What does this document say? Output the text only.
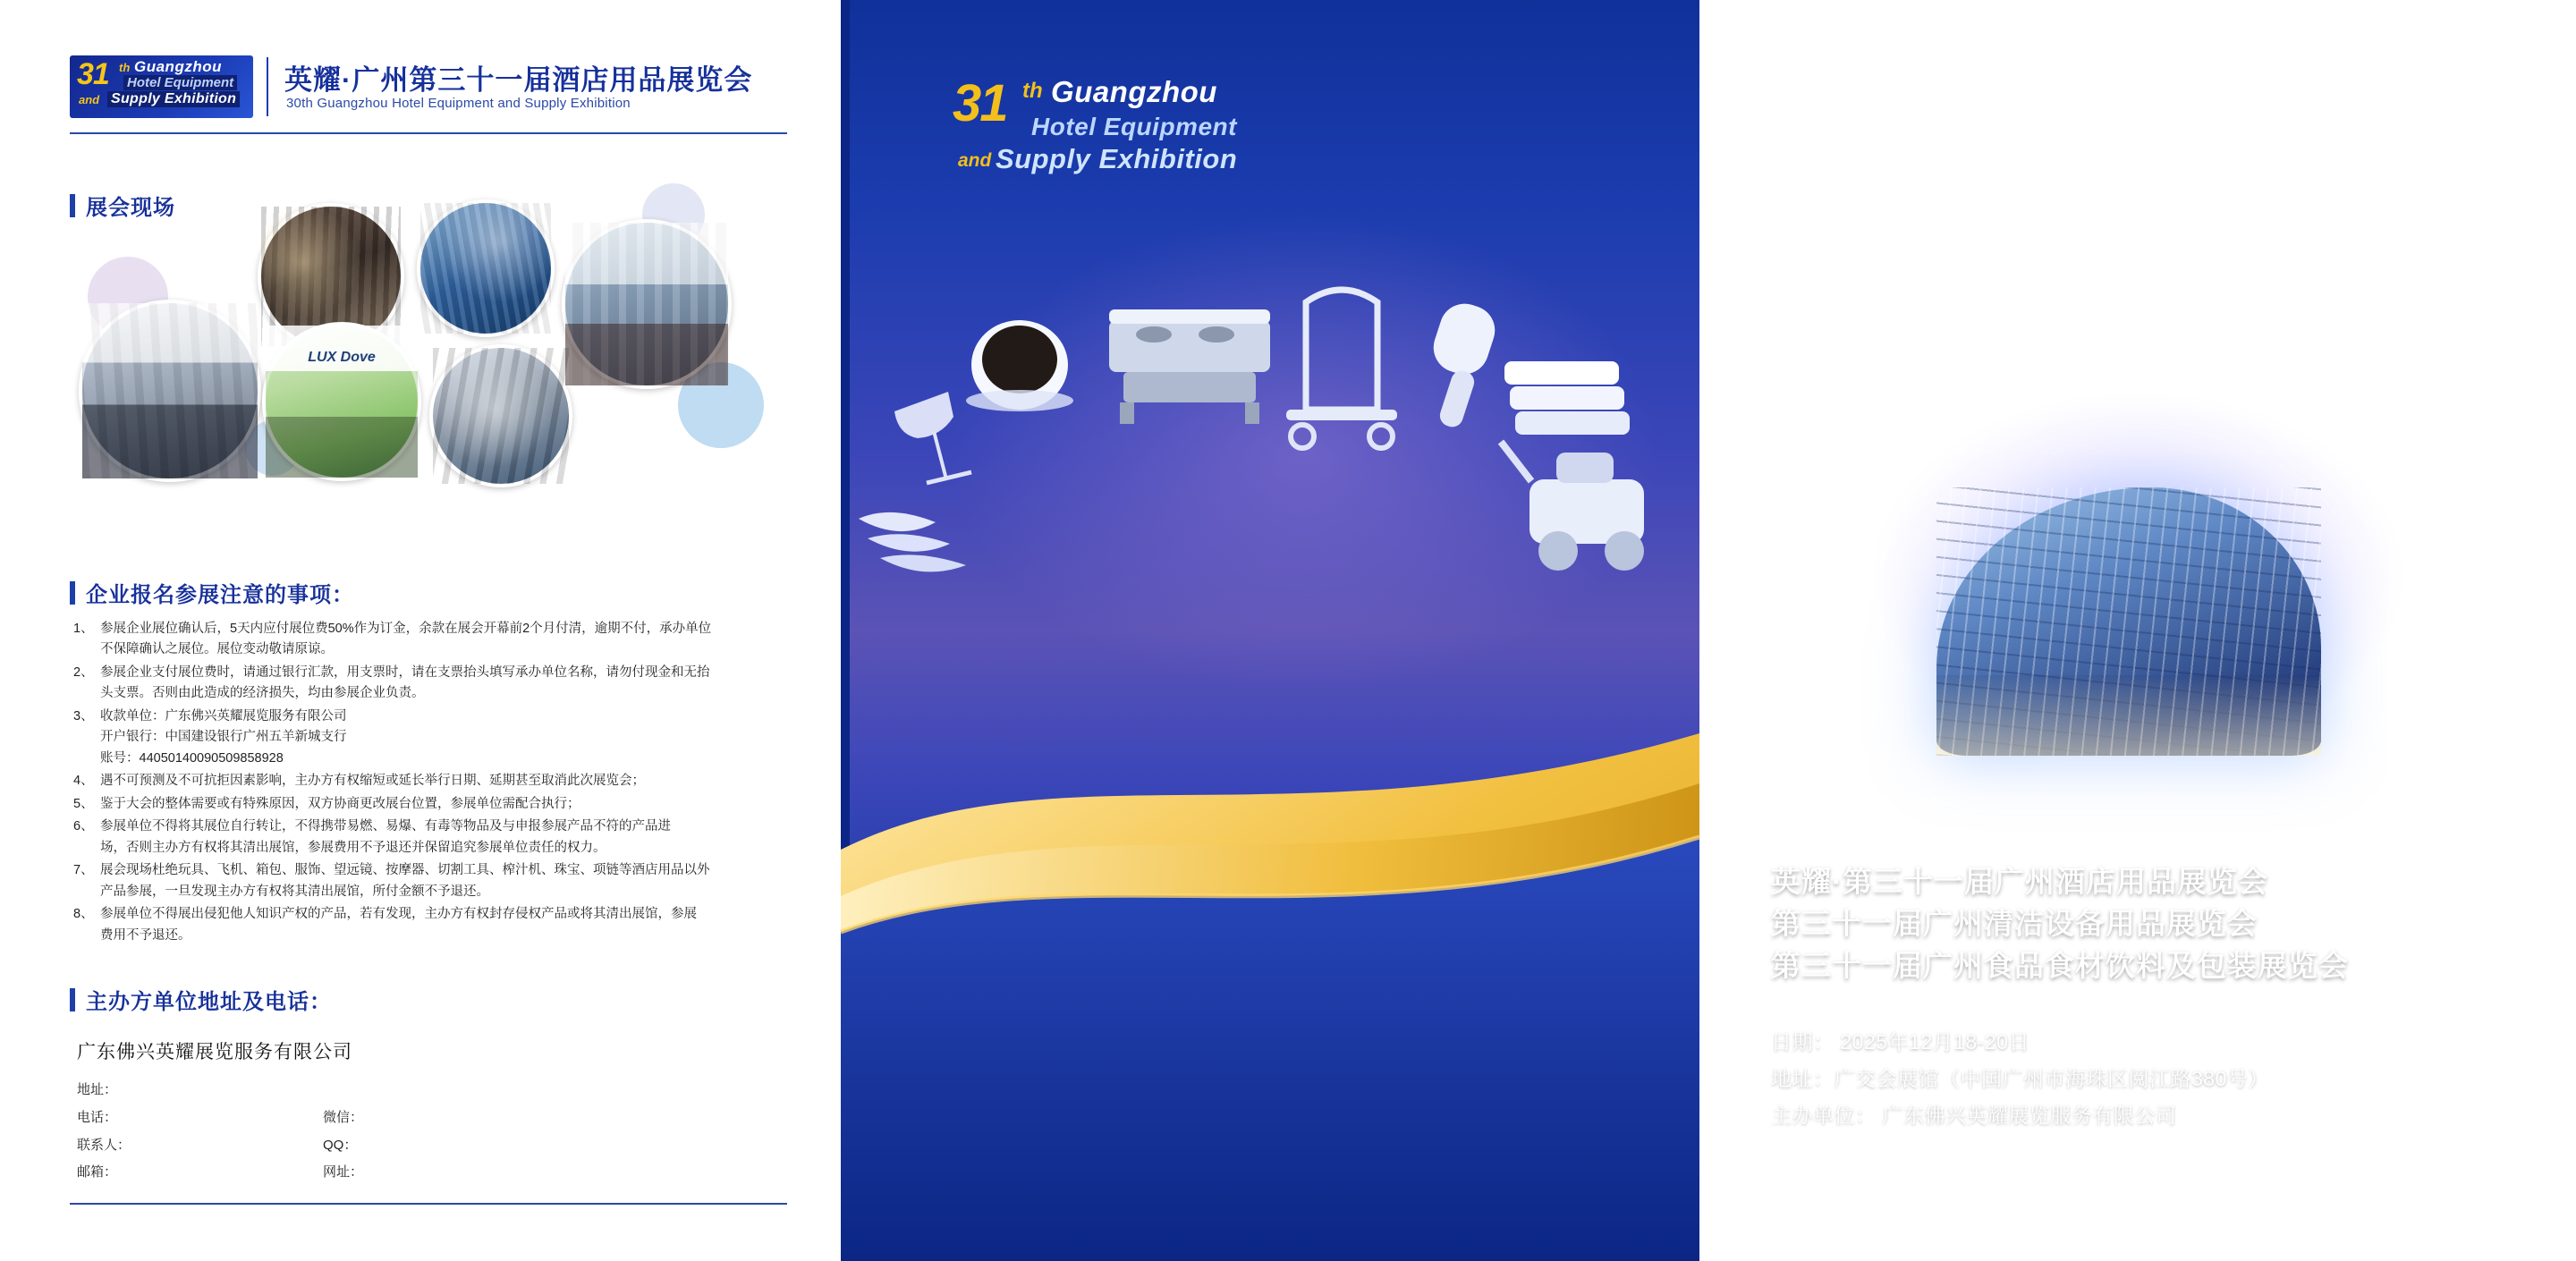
31 th Guangzhou
Hotel Equipment
and Supply Exhibition
英耀·广州第三十一届酒店用品展览会
30th Guangzhou Hotel Equipment and Supply Exhibition
展会现场
LUX Dove
企业报名参展注意的事项：
1、 参展企业展位确认后，5天内应付展位费50%作为订金，余款在展会开幕前2个月付清，逾期不付，承办单位
不保障确认之展位。展位变动敬请原谅。
2、 参展企业支付展位费时，请通过银行汇款，用支票时，请在支票抬头填写承办单位名称，请勿付现金和无抬
头支票。否则由此造成的经济损失，均由参展企业负责。
3、 收款单位：广东佛兴英耀展览服务有限公司
开户银行：中国建设银行广州五羊新城支行
账号：44050140090509858928
4、 遇不可预测及不可抗拒因素影响，主办方有权缩短或延长举行日期、延期甚至取消此次展览会；
5、 鉴于大会的整体需要或有特殊原因，双方协商更改展台位置，参展单位需配合执行；
6、 参展单位不得将其展位自行转让，不得携带易燃、易爆、有毒等物品及与申报参展产品不符的产品进
场，否则主办方有权将其清出展馆，参展费用不予退还并保留追究参展单位责任的权力。
7、 展会现场杜绝玩具、飞机、箱包、服饰、望远镜、按摩器、切割工具、榨汁机、珠宝、项链等酒店用品以外
产品参展，一旦发现主办方有权将其清出展馆，所付金额不予退还。
8、 参展单位不得展出侵犯他人知识产权的产品，若有发现，主办方有权封存侵权产品或将其清出展馆，参展
费用不予退还。
主办方单位地址及电话：
广东佛兴英耀展览服务有限公司
地址：
电话：	微信：
联系人：	QQ：
邮箱：	网址：
31 th Guangzhou
Hotel Equipment
and Supply Exhibition
英耀·第三十一届广州酒店用品展览会
第三十一届广州清洁设备用品展览会
第三十一届广州食品食材饮料及包装展览会
日期： 2025年12月18-20日
地址：广交会展馆（中国广州市海珠区阅江路380号）
主办单位： 广东佛兴英耀展览服务有限公司
